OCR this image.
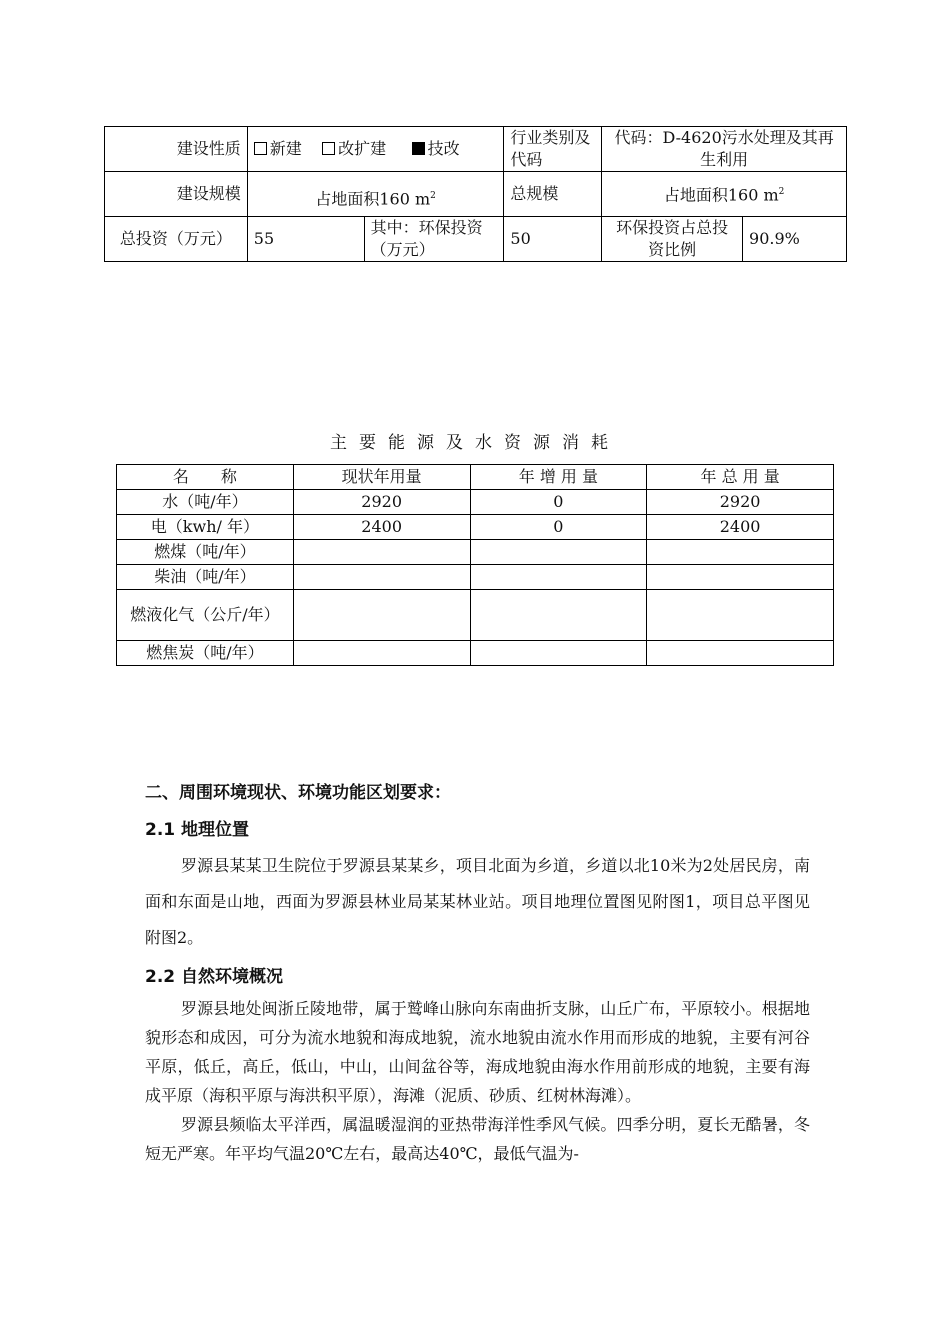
建设性质	新建 改扩建 技改		行业类别及代码	代码：D-4620污水处理及其再生利用	
建设规模	占地面积160 $m^2$		总规模	占地面积160 $m^2$
总投资（万元）	55	其中：环保投资（万元）	50	环保投资占总投资比例	90.9%
主要能源及水资源消耗
名　　称	现状年用量	年 增 用 量	年 总 用 量
水（吨/年）	2920	0	2920
电（kwh/ 年）	2400	0	2400
燃煤（吨/年）			
柴油（吨/年）			
燃液化气（公斤/年）			
燃焦炭（吨/年）			
二、周围环境现状、环境功能区划要求：
2.1 地理位置

罗源县某某卫生院位于罗源县某某乡，项目北面为乡道，乡道以北10米为2处居民房，南面和东面是山地，西面为罗源县林业局某某林业站。项目地理位置图见附图1，项目总平图见附图2。

2.2 自然环境概况

罗源县地处闽浙丘陵地带，属于鹫峰山脉向东南曲折支脉，山丘广布，平原较小。根据地貌形态和成因，可分为流水地貌和海成地貌，流水地貌由流水作用而形成的地貌，主要有河谷平原，低丘，高丘，低山，中山，山间盆谷等，海成地貌由海水作用前形成的地貌，主要有海成平原（海积平原与海洪积平原），海滩（泥质、砂质、红树林海滩）。

罗源县频临太平洋西，属温暖湿润的亚热带海洋性季风气候。四季分明，夏长无酷暑，冬短无严寒。年平均气温20℃左右，最高达40℃，最低气温为-
